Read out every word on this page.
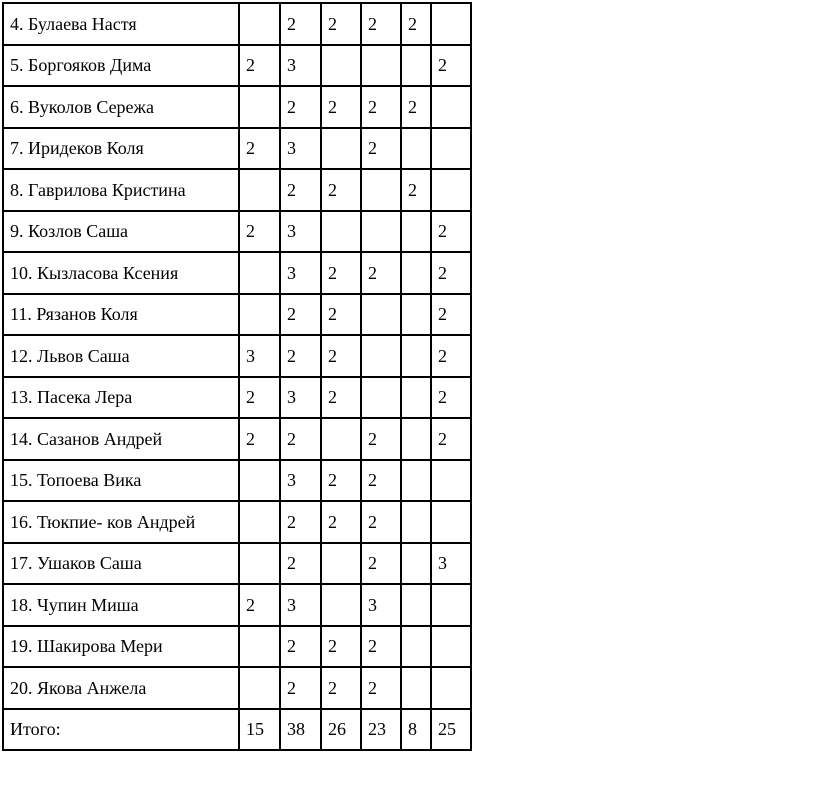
4. Булаева Настя		2	2	2	2	
5. Боргояков Дима	2	3				2
6. Вуколов Сережа		2	2	2	2	
7. Иридеков Коля	2	3		2		
8. Гаврилова Кристина		2	2		2	
9. Козлов Саша	2	3				2
10. Кызласова Ксения		3	2	2		2
11. Рязанов Коля		2	2			2
12. Львов Саша	3	2	2			2
13. Пасека Лера	2	3	2			2
14. Сазанов Андрей	2	2		2		2
15. Топоева Вика		3	2	2		
16. Тюкпие- ков Андрей		2	2	2		
17. Ушаков Саша		2		2		3
18. Чупин Миша	2	3		3		
19. Шакирова Мери		2	2	2		
20. Якова Анжела		2	2	2		
Итого:	15	38	26	23	8	25
